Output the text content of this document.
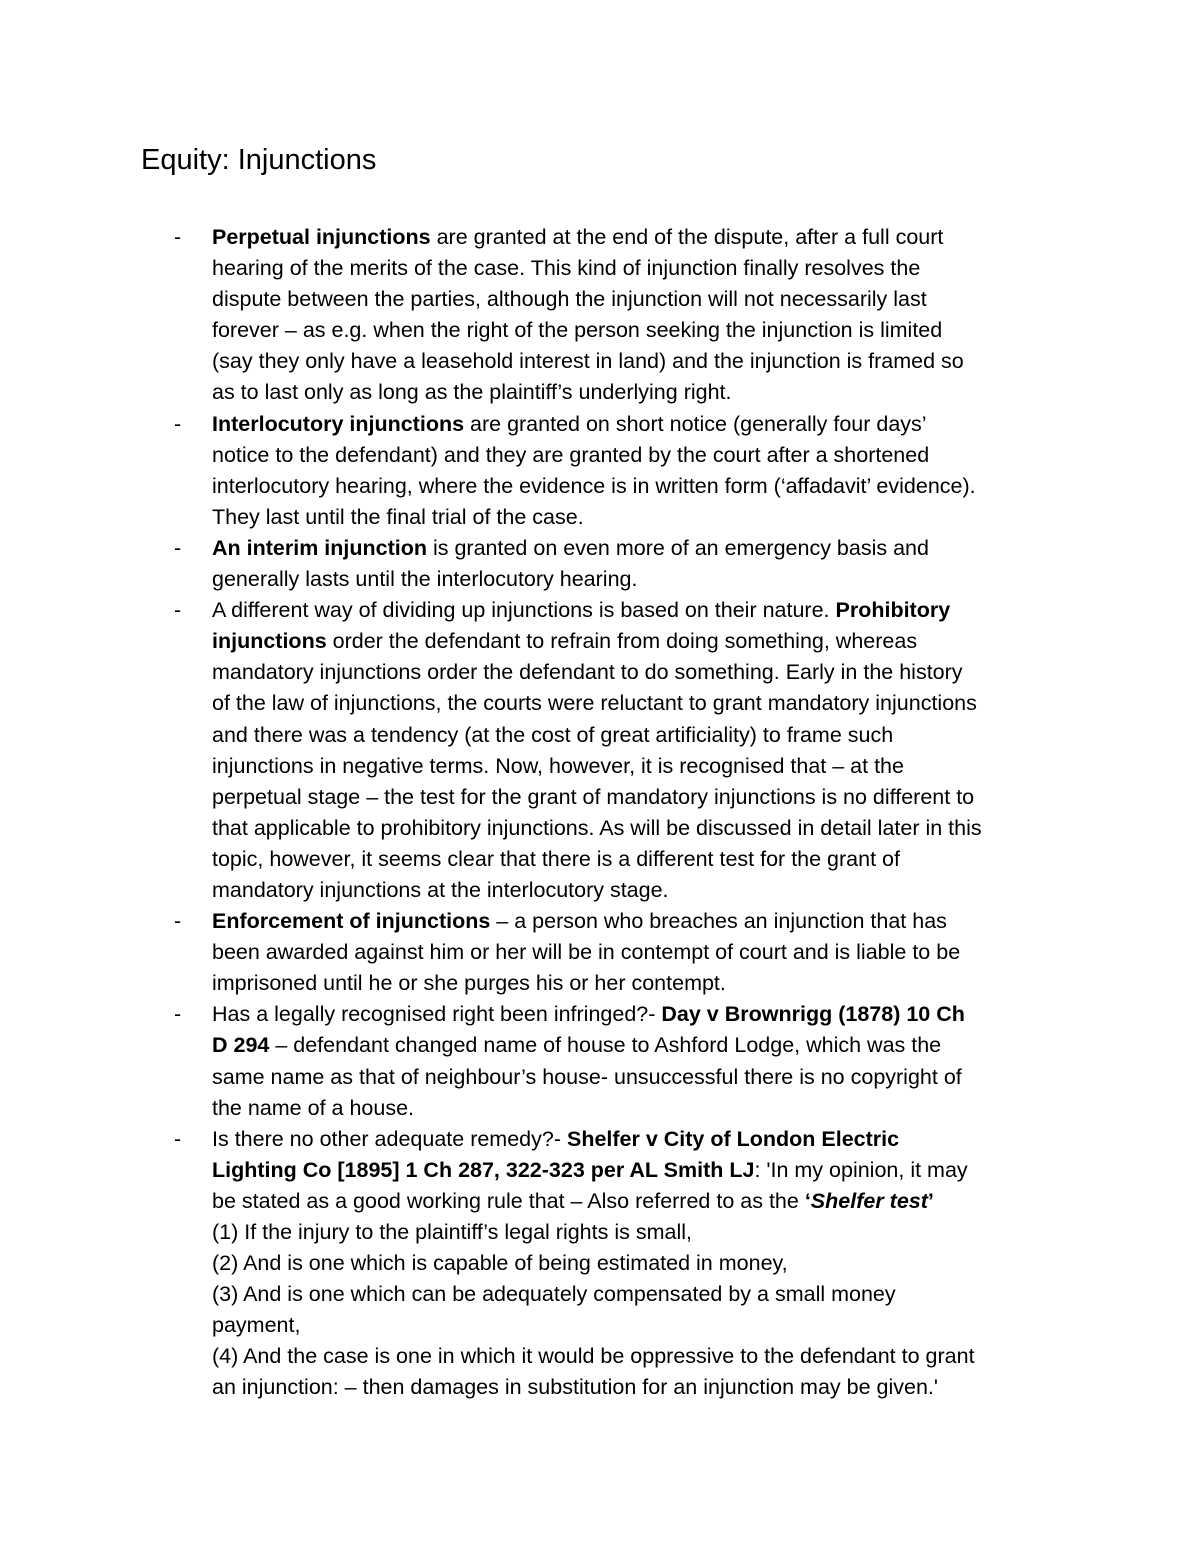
Equity: Injunctions
- Perpetual injunctions are granted at the end of the dispute, after a full court
hearing of the merits of the case. This kind of injunction finally resolves the
dispute between the parties, although the injunction will not necessarily last
forever – as e.g. when the right of the person seeking the injunction is limited
(say they only have a leasehold interest in land) and the injunction is framed so
as to last only as long as the plaintiff’s underlying right.
- Interlocutory injunctions are granted on short notice (generally four days’
notice to the defendant) and they are granted by the court after a shortened
interlocutory hearing, where the evidence is in written form (‘affadavit’ evidence).
They last until the final trial of the case.
- An interim injunction is granted on even more of an emergency basis and
generally lasts until the interlocutory hearing.
- A different way of dividing up injunctions is based on their nature. Prohibitory
injunctions order the defendant to refrain from doing something, whereas
mandatory injunctions order the defendant to do something. Early in the history
of the law of injunctions, the courts were reluctant to grant mandatory injunctions
and there was a tendency (at the cost of great artificiality) to frame such
injunctions in negative terms. Now, however, it is recognised that – at the
perpetual stage – the test for the grant of mandatory injunctions is no different to
that applicable to prohibitory injunctions. As will be discussed in detail later in this
topic, however, it seems clear that there is a different test for the grant of
mandatory injunctions at the interlocutory stage.
- Enforcement of injunctions – a person who breaches an injunction that has
been awarded against him or her will be in contempt of court and is liable to be
imprisoned until he or she purges his or her contempt.
- Has a legally recognised right been infringed?- Day v Brownrigg (1878) 10 Ch
D 294 – defendant changed name of house to Ashford Lodge, which was the
same name as that of neighbour’s house- unsuccessful there is no copyright of
the name of a house.
- Is there no other adequate remedy?- Shelfer v City of London Electric
Lighting Co [1895] 1 Ch 287, 322-323 per AL Smith LJ: 'In my opinion, it may
be stated as a good working rule that – Also referred to as the ‘Shelfer test’
(1) If the injury to the plaintiff’s legal rights is small,
(2) And is one which is capable of being estimated in money,
(3) And is one which can be adequately compensated by a small money
payment,
(4) And the case is one in which it would be oppressive to the defendant to grant
an injunction: – then damages in substitution for an injunction may be given.'
